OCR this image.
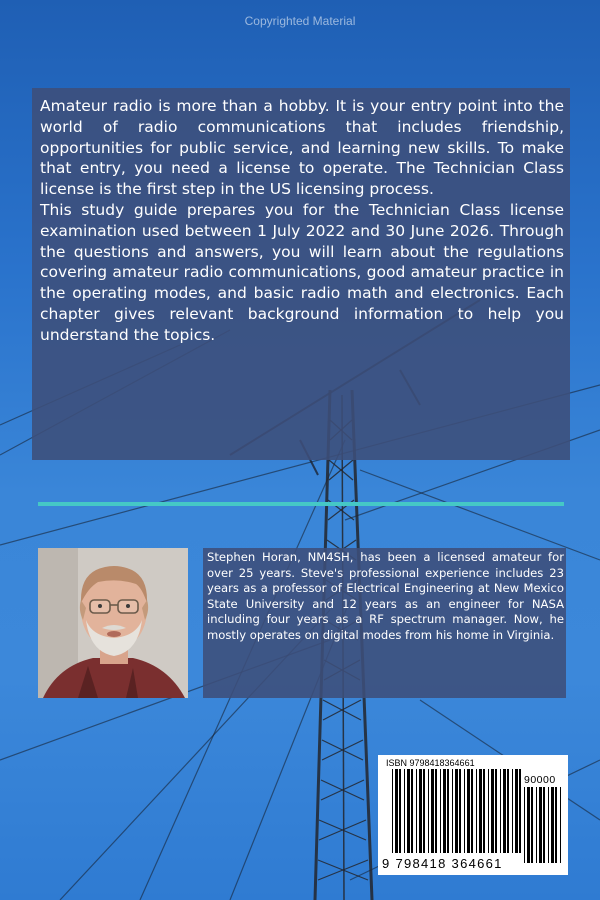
Copyrighted Material

Amateur radio is more than a hobby. It is your entry point into the world of radio communications that includes friendship, opportunities for public service, and learning new skills. To make that entry, you need a license to operate. The Technician Class license is the first step in the US licensing process.

This study guide prepares you for the Technician Class license examination used between 1 July 2022 and 30 June 2026. Through the questions and answers, you will learn about the regulations covering amateur radio communications, good amateur practice in the operating modes, and basic radio math and electronics. Each chapter gives relevant background information to help you understand the topics.

Stephen Horan, NM4SH, has been a licensed amateur for over 25 years. Steve's professional experience includes 23 years as a professor of Electrical Engineering at New Mexico State University and 12 years as an engineer for NASA including four years as a RF spectrum manager. Now, he mostly operates on digital modes from his home in Virginia.

ISBN 9798418364661
90000
9 798418 364661
